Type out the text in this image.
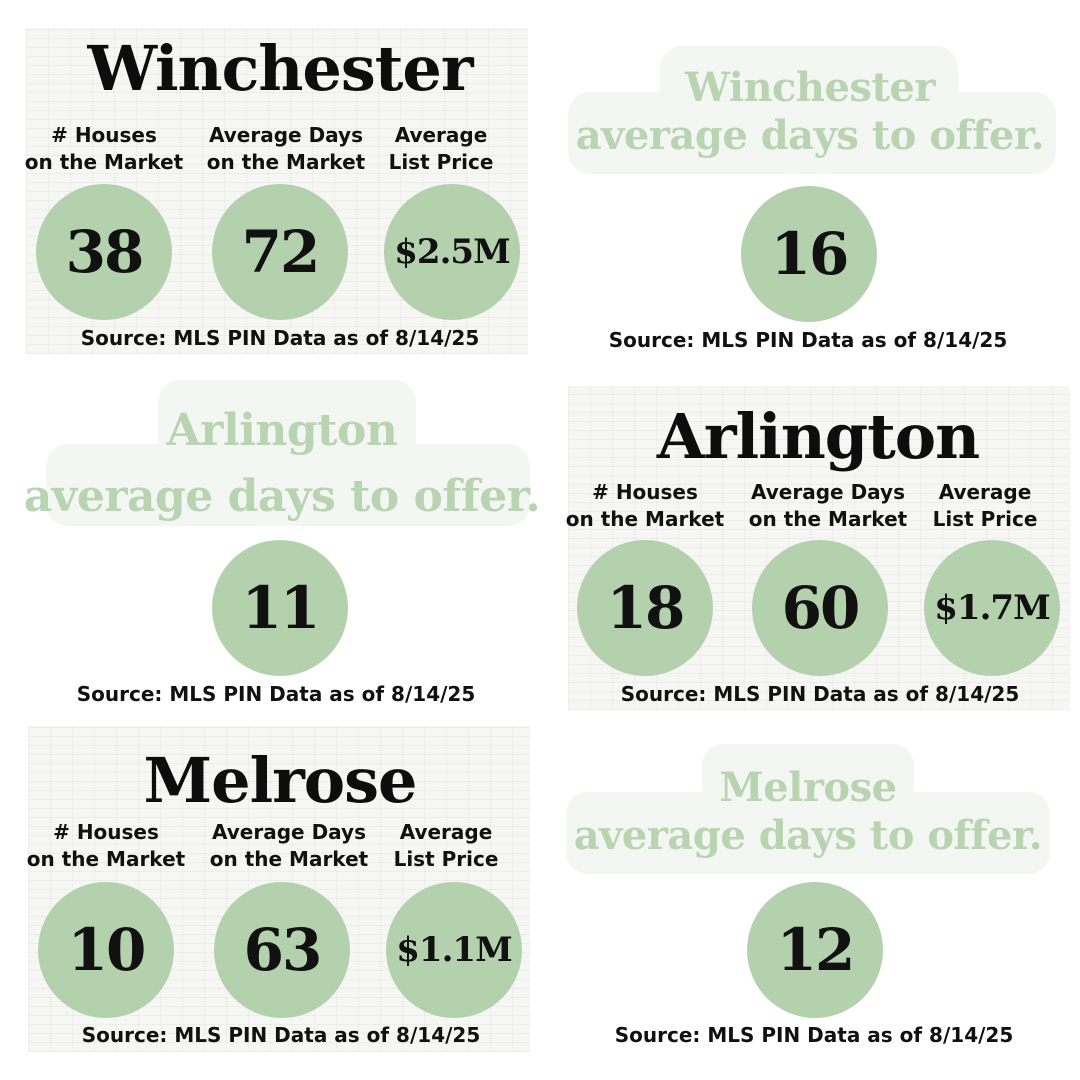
Winchester
# Houses
on the Market
Average Days
on the Market
Average
List Price
38	72	$2.5M
Source: MLS PIN Data as of 8/14/25
Winchester
average days to offer.
16
Source: MLS PIN Data as of 8/14/25
Arlington
average days to offer.
11
Source: MLS PIN Data as of 8/14/25
Arlington
# Houses
on the Market
Average Days
on the Market
Average
List Price
18	60	$1.7M
Source: MLS PIN Data as of 8/14/25
Melrose
# Houses
on the Market
Average Days
on the Market
Average
List Price
10	63	$1.1M
Source: MLS PIN Data as of 8/14/25
Melrose
average days to offer.
12
Source: MLS PIN Data as of 8/14/25
